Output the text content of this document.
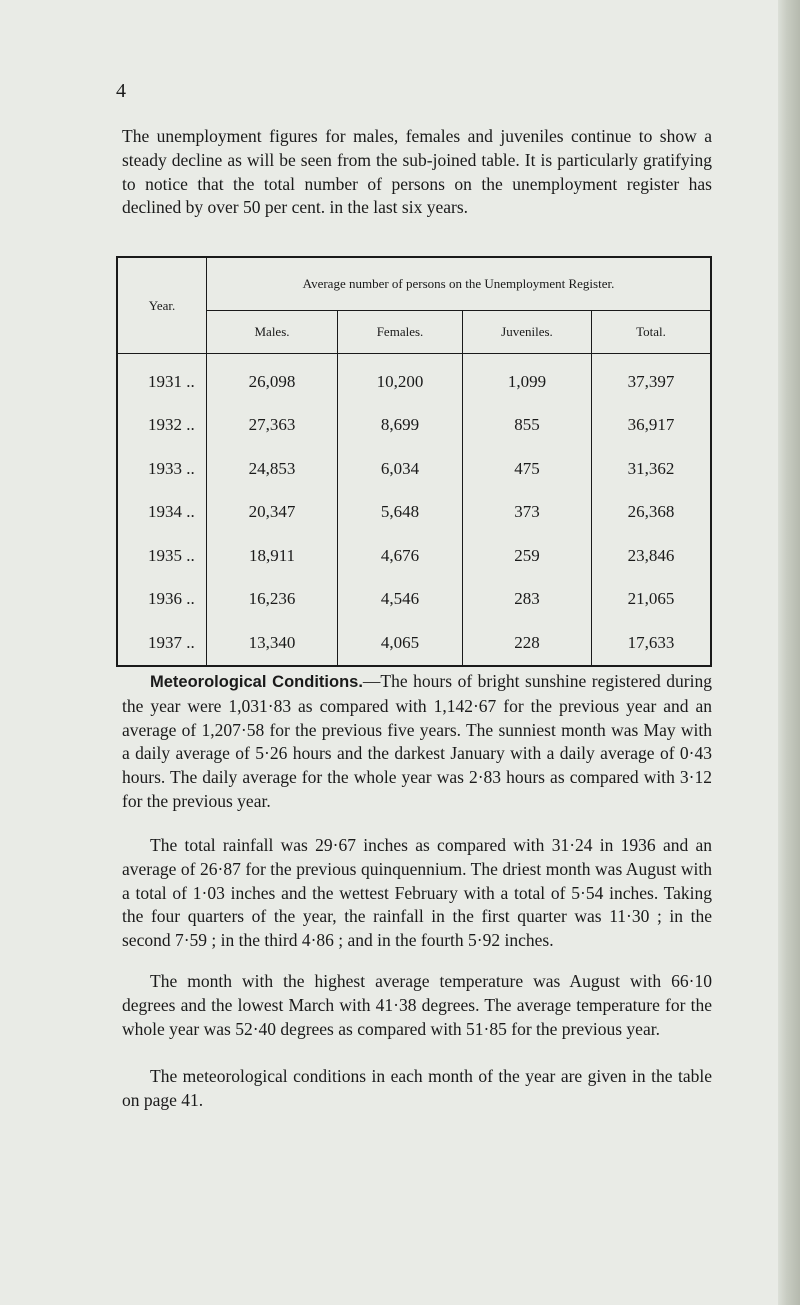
4

The unemployment figures for males, females and juveniles continue to show a steady decline as will be seen from the sub-joined table. It is particularly gratifying to notice that the total number of persons on the unemployment register has declined by over 50 per cent. in the last six years.

Year.	Average number of persons on the Unemployment Register.			
	Males.	Females.	Juveniles.	Total.
1931 ..	26,098	10,200	1,099	37,397
1932 ..	27,363	8,699	855	36,917
1933 ..	24,853	6,034	475	31,362
1934 ..	20,347	5,648	373	26,368
1935 ..	18,911	4,676	259	23,846
1936 ..	16,236	4,546	283	21,065
1937 ..	13,340	4,065	228	17,633

Meteorological Conditions.—The hours of bright sunshine registered during the year were 1,031·83 as compared with 1,142·67 for the previous year and an average of 1,207·58 for the previous five years. The sunniest month was May with a daily average of 5·26 hours and the darkest January with a daily average of 0·43 hours. The daily average for the whole year was 2·83 hours as compared with 3·12 for the previous year.

The total rainfall was 29·67 inches as compared with 31·24 in 1936 and an average of 26·87 for the previous quinquennium. The driest month was August with a total of 1·03 inches and the wettest February with a total of 5·54 inches. Taking the four quarters of the year, the rainfall in the first quarter was 11·30 ; in the second 7·59 ; in the third 4·86 ; and in the fourth 5·92 inches.

The month with the highest average temperature was August with 66·10 degrees and the lowest March with 41·38 degrees. The average temperature for the whole year was 52·40 degrees as compared with 51·85 for the previous year.

The meteorological conditions in each month of the year are given in the table on page 41.
